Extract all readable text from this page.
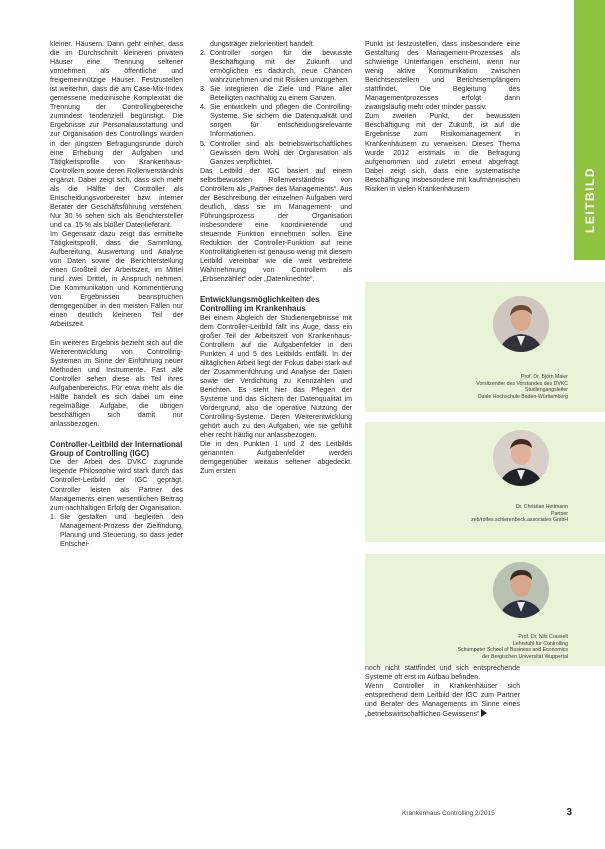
LEITBILD

kleiner. Häusern. Dann geht einher, dass die im Durchschnitt kleineren privaten Häuser eine Trennung seltener vornehmen als öffentliche und freigemeinnützige Häuser. Festzustellen ist weiterhin, dass die am Case-Mix-Index gemessene medizinische Komplexität die Trennung der Controllingbereiche zumindest tendenziell begünstigt. Die Ergebnisse zur Personalausstattung und zur Organisation des Controllings wurden in der jüngsten Befragungsrunde durch eine Erhebung der Aufgaben und Tätigkeitsprofile von Krankenhaus-Controllern sowie deren Rollenverständnis ergänzt. Dabei zeigt sich, dass sich mehr als die Hälfte der Controller als Entscheidungsvorbereiter bzw. interner Berater der Geschäftsführung verstehen. Nur 30 % sehen sich als Berichtersteller und ca. 15 % als bloßer Datenlieferant.

Im Gegensatz dazu zeigt das ermittelte Tätigkeitsprofil, dass die Sammlung, Aufbereitung, Auswertung und Analyse von Daten sowie die Berichterstellung einen Großteil der Arbeitszeit, im Mittel rund zwei Drittel, in Anspruch nehmen. Die Kommunikation und Kommentierung von Ergebnissen beanspruchen demgegenüber in den meisten Fällen nur einen deutlich kleineren Teil der Arbeitszeit.

Ein weiteres Ergebnis bezieht sich auf die Weiterentwicklung von Controlling-Systemen im Sinne der Einführung neuer Methoden und Instrumente. Fast alle Controller sehen diese als Teil ihres Aufgabenbereichs. Für etwa mehr als die Hälfte handelt es sich dabei um eine regelmäßige Aufgabe, die übrigen beschäftigen sich damit nur anlassbezogen.

Controller-Leitbild der International Group of Controlling (IGC)

Die der Arbeit des DVKC zugrunde liegende Philosophie wird stark durch das Controller-Leitbild der IGC geprägt. Controller leisten als Partner des Managements einen wesentlichen Beitrag zum nachhaltigen Erfolg der Organisation.

1. Sie gestalten und begleiten den Management-Prozess der Zielfindung, Planung und Steuerung, so dass jeder Entschei-

dungsträger zielorientiert handelt.

2. Controller sorgen für die bewusste Beschäftigung mit der Zukunft und ermöglichen es dadurch, neue Chancen wahrzunehmen und mit Risiken umzugehen.
3. Sie integrieren die Ziele und Pläne aller Beteiligten nachhaltig zu einem Ganzen.
4. Sie entwickeln und pflegen die Controlling-Systeme. Sie sichern die Datenqualität und sorgen für entscheidungsrelevante Informationen.
5. Controller sind als betriebswirtschaftliches Gewissen dem Wohl der Organisation als Ganzes verpflichtet.

Das Leitbild der IGC basiert auf einem selbstbewussten Rollenverständnis von Controllern als „Partner des Managements“. Aus der Beschreibung der einzelnen Aufgaben wird deutlich, dass sie im Management- und Führungsprozess der Organisation insbesondere eine koordinierende und steuernde Funktion einnehmen sollen. Eine Reduktion der Controller-Funktion auf reine Kontrolltätigkeiten ist genauso wenig mit diesem Leitbild vereinbar wie die weit verbreitete Wahrnehmung von Controllern als „Erbsenzähler“ oder „Datenknechte“.

Entwicklungsmöglichkeiten des Controlling im Krankenhaus

Bei einem Abgleich der Studienergebnisse mit dem Controller-Leitbild fällt ins Auge, dass ein großer Teil der Arbeitszeit von Krankenhaus-Controllern auf die Aufgabenfelder in den Punkten 4 und 5 des Leitbilds entfällt. In der alltäglichen Arbeit liegt der Fokus dabei stark auf der Zusammenführung und Analyse der Daten sowie der Verdichtung zu Kennzahlen und Berichten. Es steht hier das Pflegen der Systeme und das Sichern der Datenqualität im Vordergrund, also die operative Nutzung der Controlling-Systeme. Deren Weiterentwicklung gehört auch zu den Aufgaben, wie sie gefühlt eher recht häufig nur anlassbezogen.

Die in den Punkten 1 und 2 des Leitbilds genannten Aufgabenfelder werden demgegenüber weitaus seltener abgedeckt. Zum ersten

Punkt ist festzustellen, dass insbesondere eine Gestaltung des Management-Prozesses als schwierige Unterfangen erscheint, wenn nur wenig aktive Kommunikation zwischen Berichtserstellern und Berichtsempfängern stattfindet. Die Begleitung des Managementprozesses erfolgt dann zwangsläufig mehr oder minder passiv.

Zum zweiten Punkt, der bewussten Beschäftigung mit der Zukunft, ist auf die Ergebnisse zum Risikomanagement in Krankenhäusern zu verweisen. Dieses Thema wurde 2012 erstmals in die Befragung aufgenommen und zuletzt erneut abgefragt. Dabei zeigt sich, dass eine systematische Beschäftigung insbesondere mit kaufmännischen Risiken in vielen Krankenhäusern

Prof. Dr. Björn Maier
Vorsitzender des Vorstandes des DVKC
Studiengangsleiter
Duale Hochschule Baden-Württemberg
Dr. Christian Heitmann
Partner
zeb/rolfes.schierenbeck.associates GmbH
Prof. Dr. Nils Crasselt
Lehrstuhl für Controlling
Schumpeter School of Business and Economics
der Bergischen Universität Wuppertal

noch nicht stattfindet und sich entsprechende Systeme oft erst im Aufbau befinden.

Wenn Controller in Krankenhäuser sich entsprechend dem Leitbild der IGC zum Partner und Berater des Managements im Sinne eines „betriebswirtschaftlichen Gewissens“

Krankenhaus Controlling 2/2015	3
